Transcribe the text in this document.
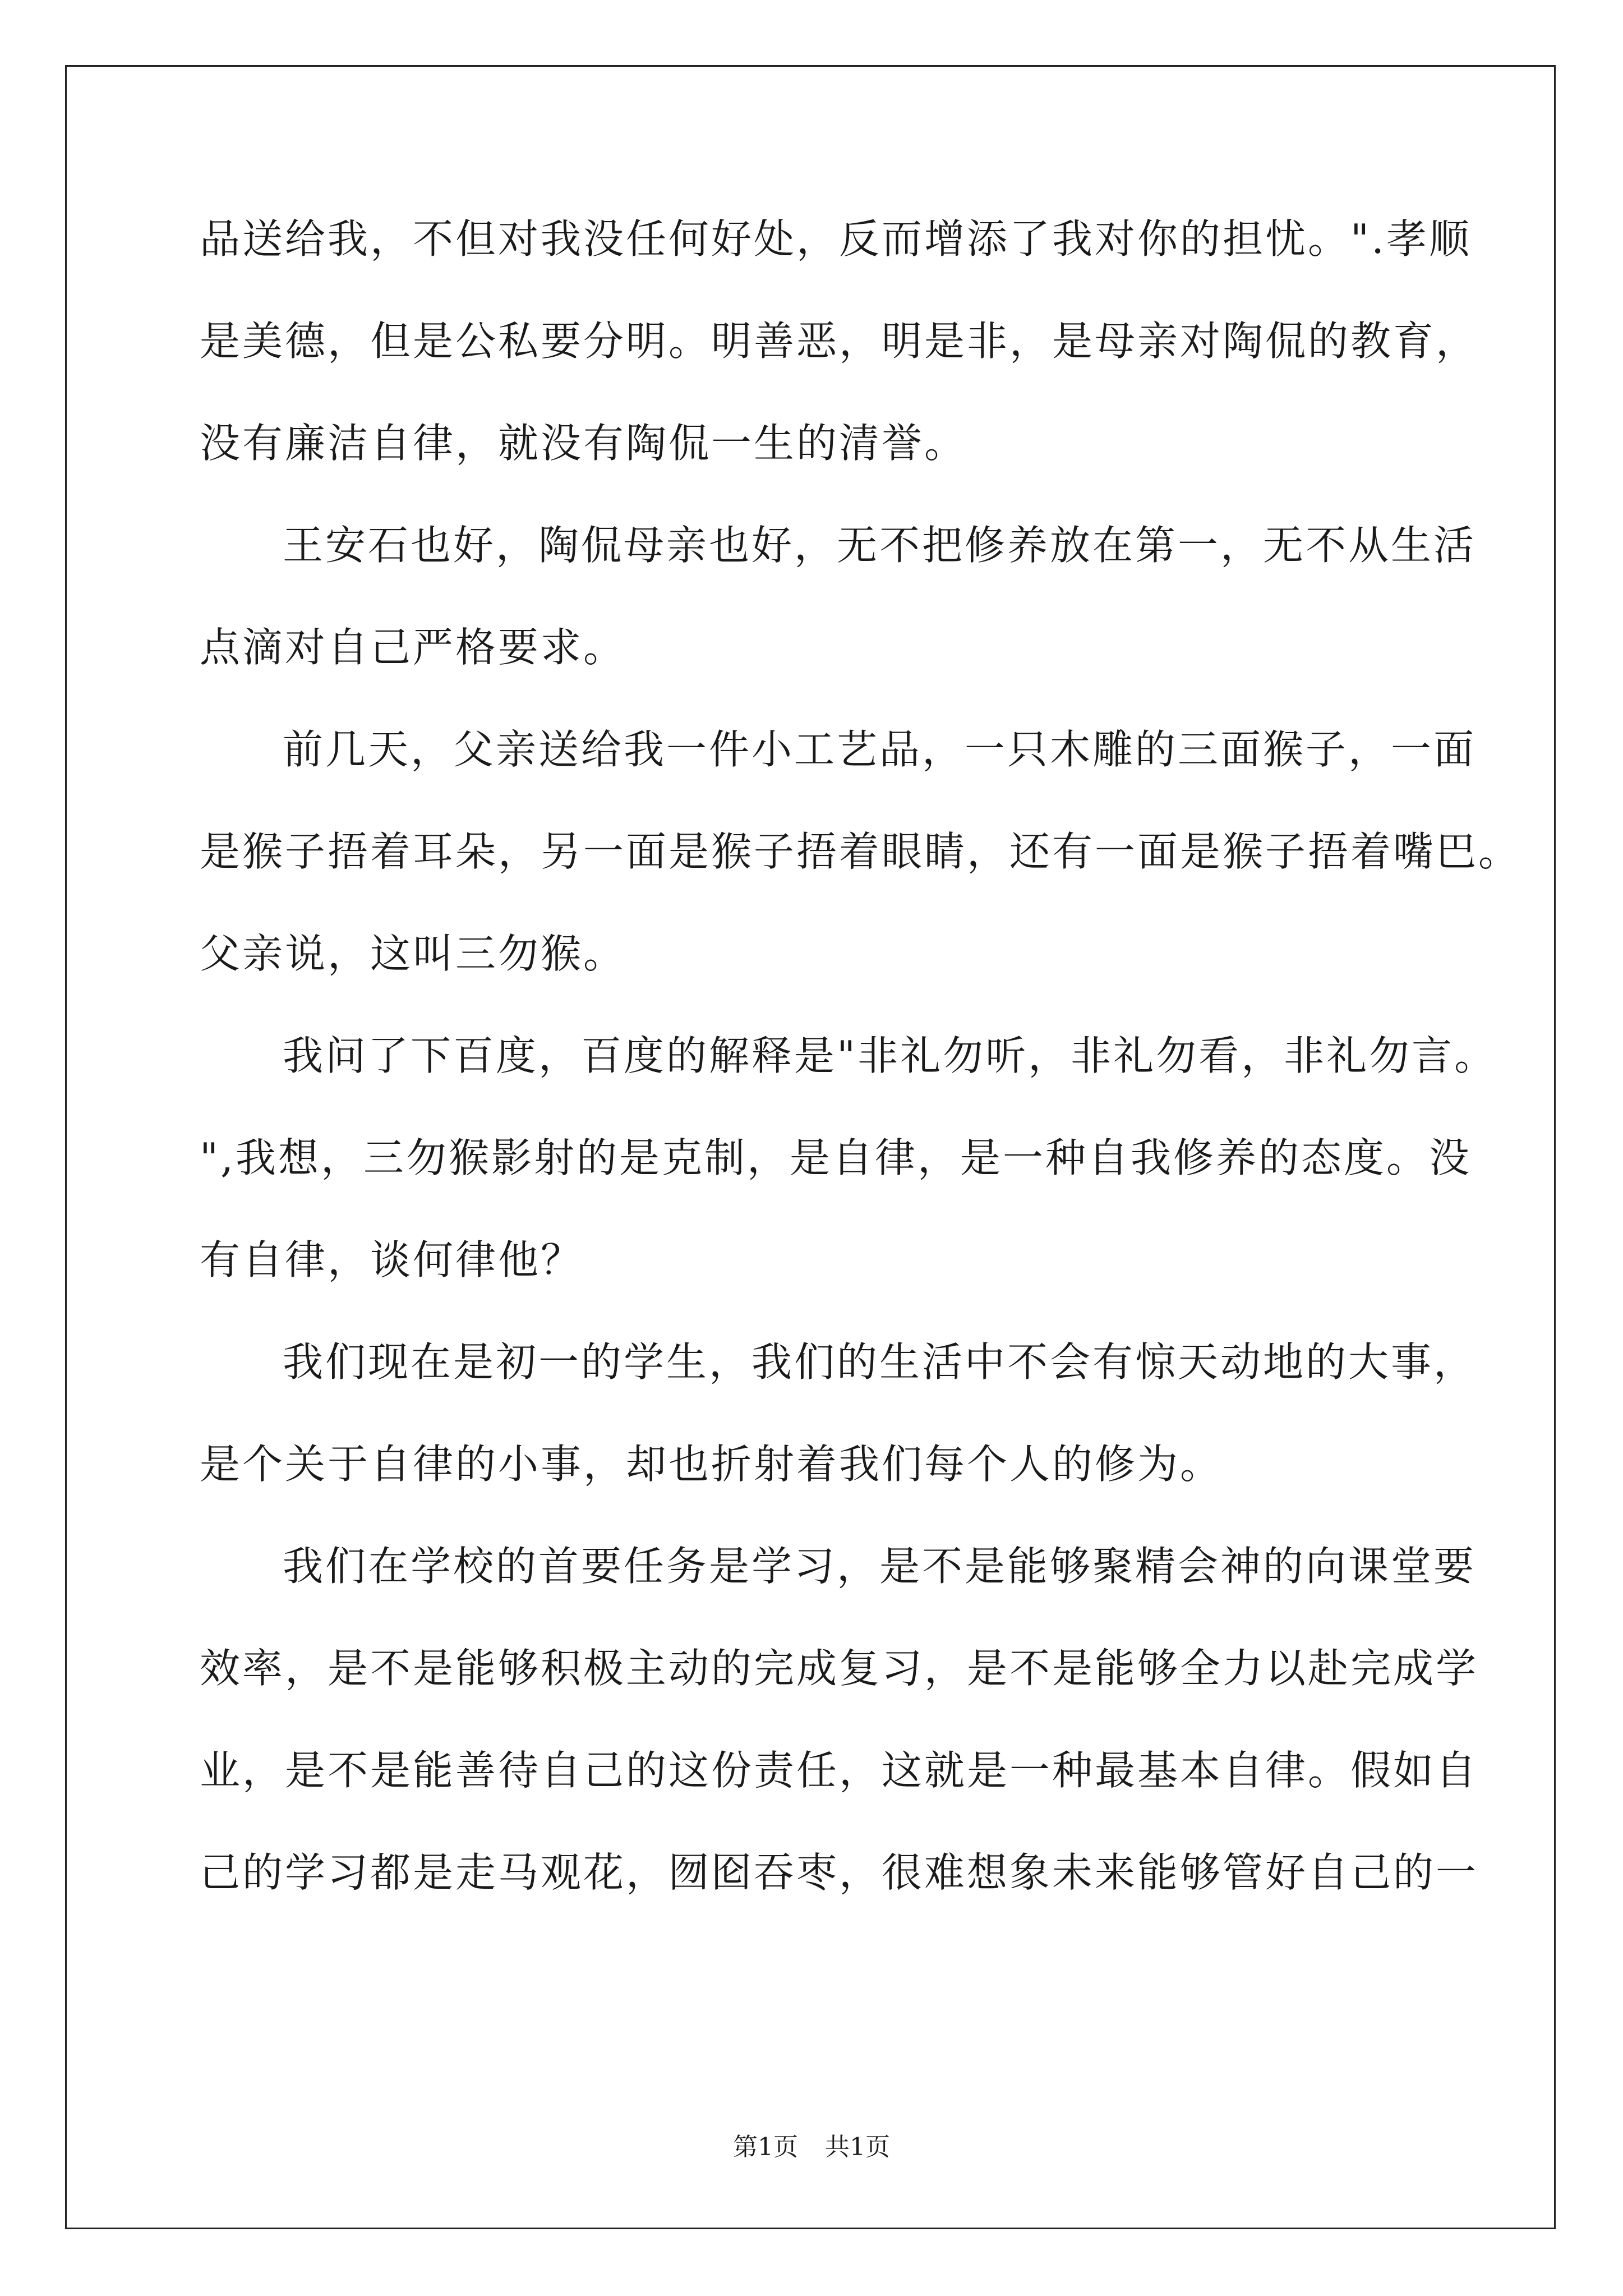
品送给我，不但对我没任何好处，反而增添了我对你的担忧。".孝顺
是美德，但是公私要分明。明善恶，明是非，是母亲对陶侃的教育，
没有廉洁自律，就没有陶侃一生的清誉。
王安石也好，陶侃母亲也好，无不把修养放在第一，无不从生活
点滴对自己严格要求。
前几天，父亲送给我一件小工艺品，一只木雕的三面猴子，一面
是猴子捂着耳朵，另一面是猴子捂着眼睛，还有一面是猴子捂着嘴巴。
父亲说，这叫三勿猴。
我问了下百度，百度的解释是"非礼勿听，非礼勿看，非礼勿言。
",我想，三勿猴影射的是克制，是自律，是一种自我修养的态度。没
有自律，谈何律他？
我们现在是初一的学生，我们的生活中不会有惊天动地的大事，
是个关于自律的小事，却也折射着我们每个人的修为。
我们在学校的首要任务是学习，是不是能够聚精会神的向课堂要
效率，是不是能够积极主动的完成复习，是不是能够全力以赴完成学
业，是不是能善待自己的这份责任，这就是一种最基本自律。假如自
己的学习都是走马观花，囫囵吞枣，很难想象未来能够管好自己的一
第1页 共1页
